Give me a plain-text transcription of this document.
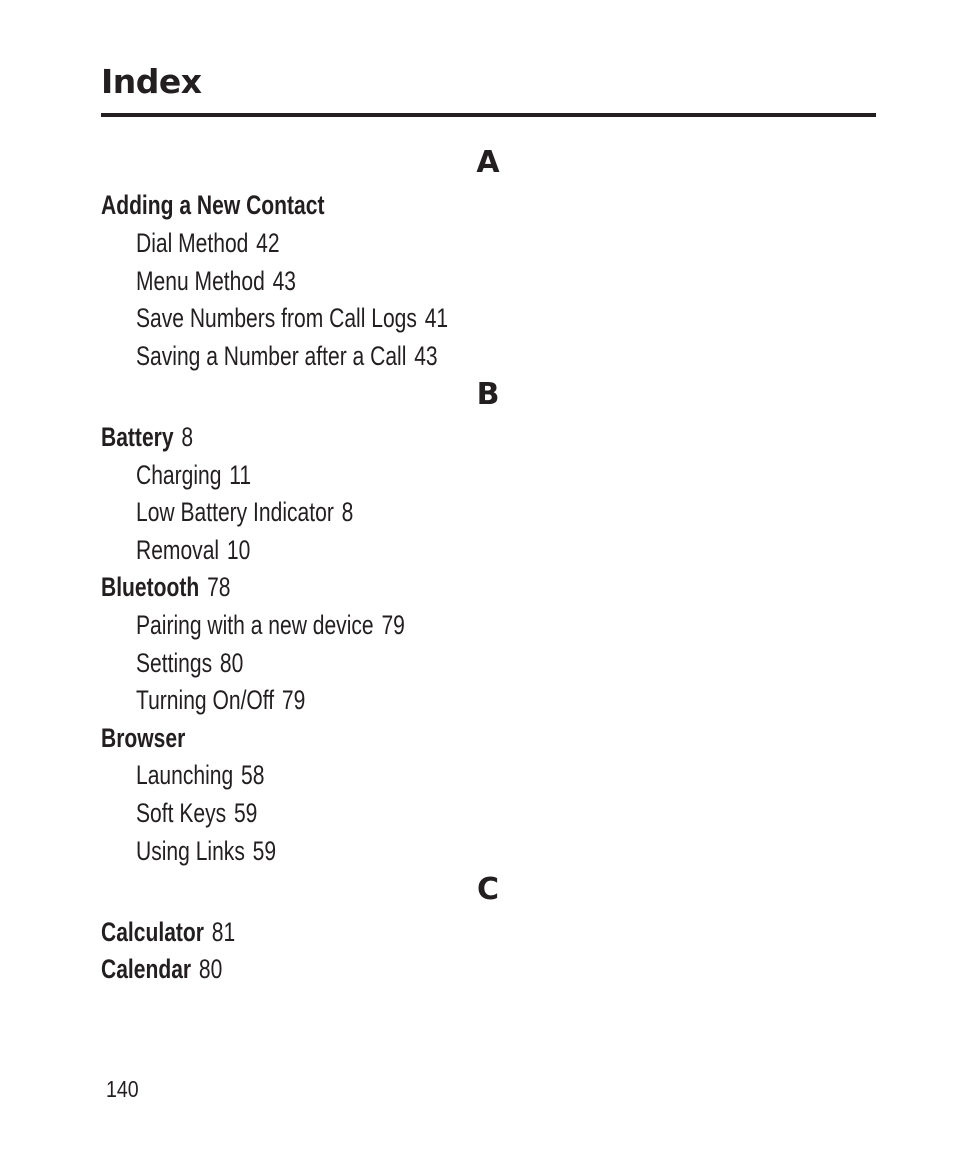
Index
A
Adding a New Contact
Dial Method 42
Menu Method 43
Save Numbers from Call Logs 41
Saving a Number after a Call 43
B
Battery 8
Charging 11
Low Battery Indicator 8
Removal 10
Bluetooth 78
Pairing with a new device 79
Settings 80
Turning On/Off 79
Browser
Launching 58
Soft Keys 59
Using Links 59
C
Calculator 81
Calendar 80
140
